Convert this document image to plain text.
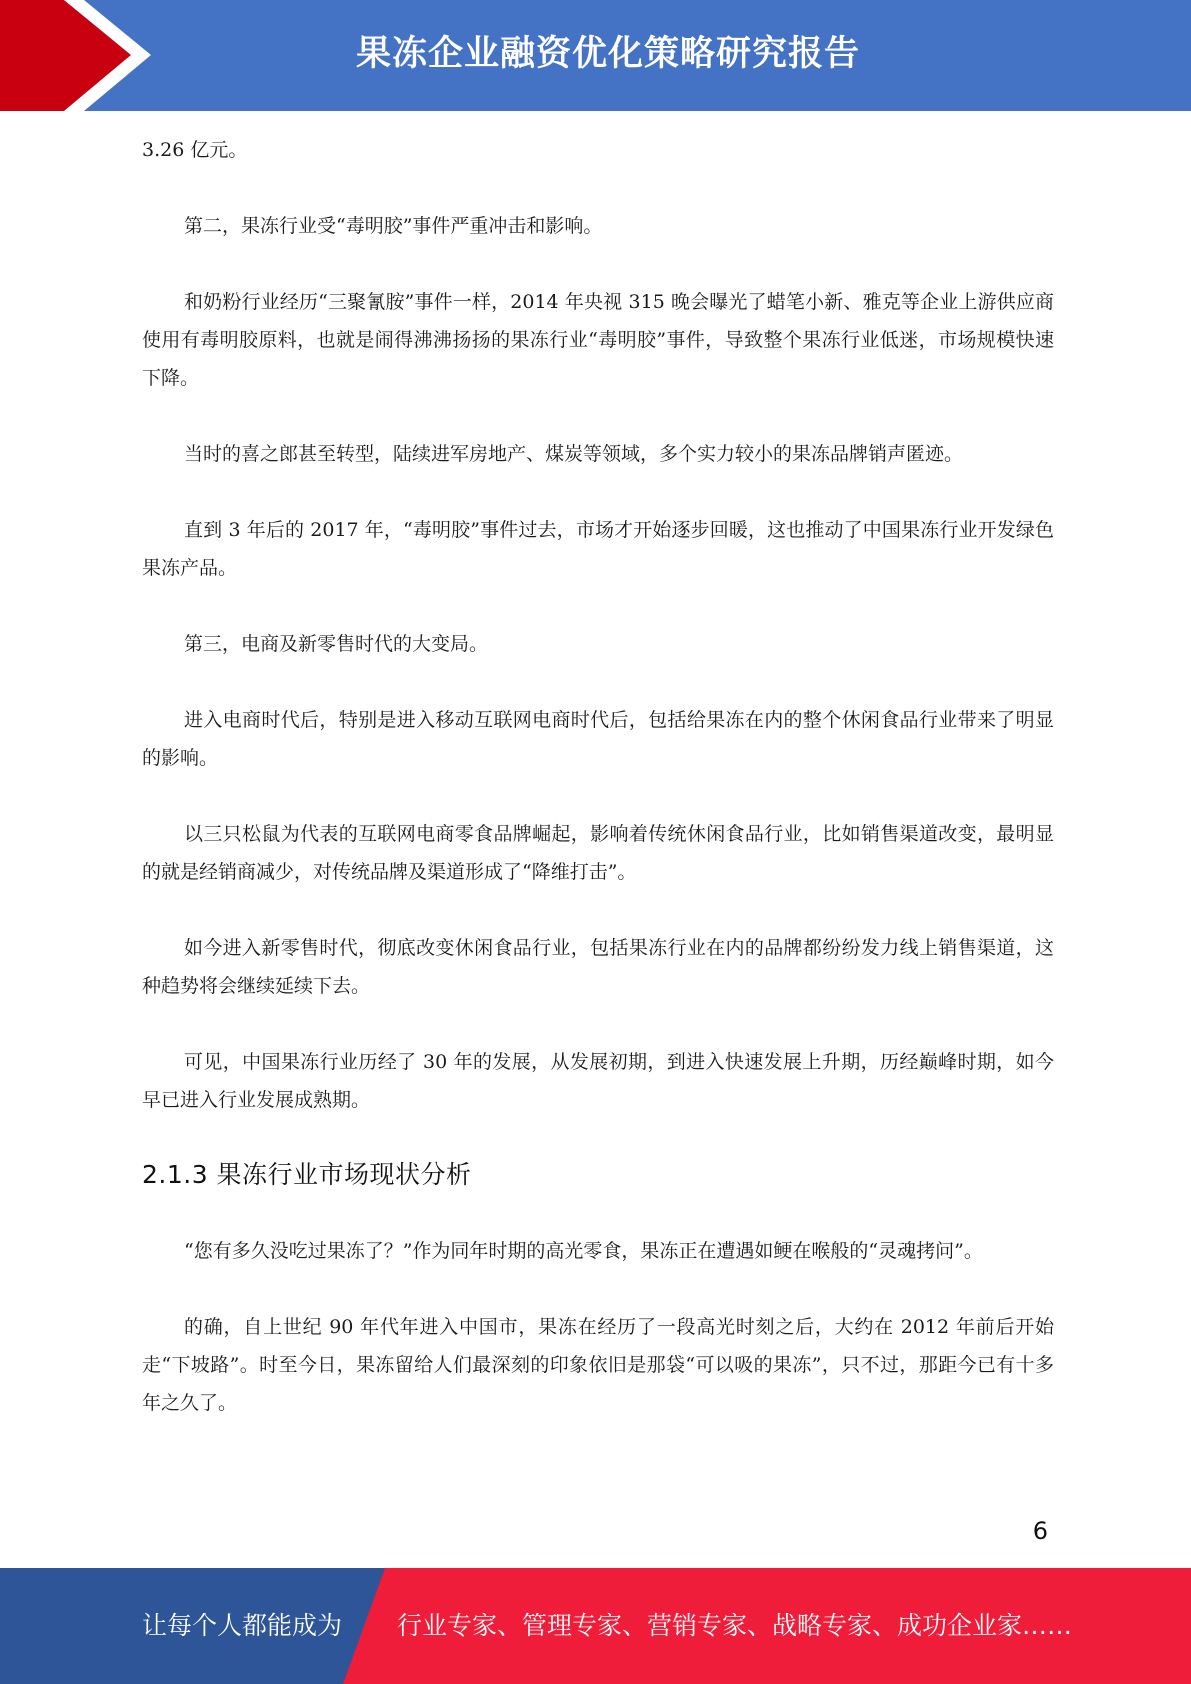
果冻企业融资优化策略研究报告

3.26 亿元。

第二，果冻行业受“毒明胶”事件严重冲击和影响。

和奶粉行业经历“三聚氰胺”事件一样，2014 年央视 315 晚会曝光了蜡笔小新、雅克等企业上游供应商使用有毒明胶原料，也就是闹得沸沸扬扬的果冻行业“毒明胶”事件，导致整个果冻行业低迷，市场规模快速下降。

当时的喜之郎甚至转型，陆续进军房地产、煤炭等领域，多个实力较小的果冻品牌销声匿迹。

直到 3 年后的 2017 年，“毒明胶”事件过去，市场才开始逐步回暖，这也推动了中国果冻行业开发绿色果冻产品。

第三，电商及新零售时代的大变局。

进入电商时代后，特别是进入移动互联网电商时代后，包括给果冻在内的整个休闲食品行业带来了明显的影响。

以三只松鼠为代表的互联网电商零食品牌崛起，影响着传统休闲食品行业，比如销售渠道改变，最明显的就是经销商减少，对传统品牌及渠道形成了“降维打击”。

如今进入新零售时代，彻底改变休闲食品行业，包括果冻行业在内的品牌都纷纷发力线上销售渠道，这种趋势将会继续延续下去。

可见，中国果冻行业历经了 30 年的发展，从发展初期，到进入快速发展上升期，历经巅峰时期，如今早已进入行业发展成熟期。

2.1.3 果冻行业市场现状分析

“您有多久没吃过果冻了？”作为同年时期的高光零食，果冻正在遭遇如鲠在喉般的“灵魂拷问”。

的确，自上世纪 90 年代年进入中国市，果冻在经历了一段高光时刻之后，大约在 2012 年前后开始走“下坡路”。时至今日，果冻留给人们最深刻的印象依旧是那袋“可以吸的果冻”，只不过，那距今已有十多年之久了。

6
让每个人都能成为 行业专家、管理专家、营销专家、战略专家、成功企业家……
